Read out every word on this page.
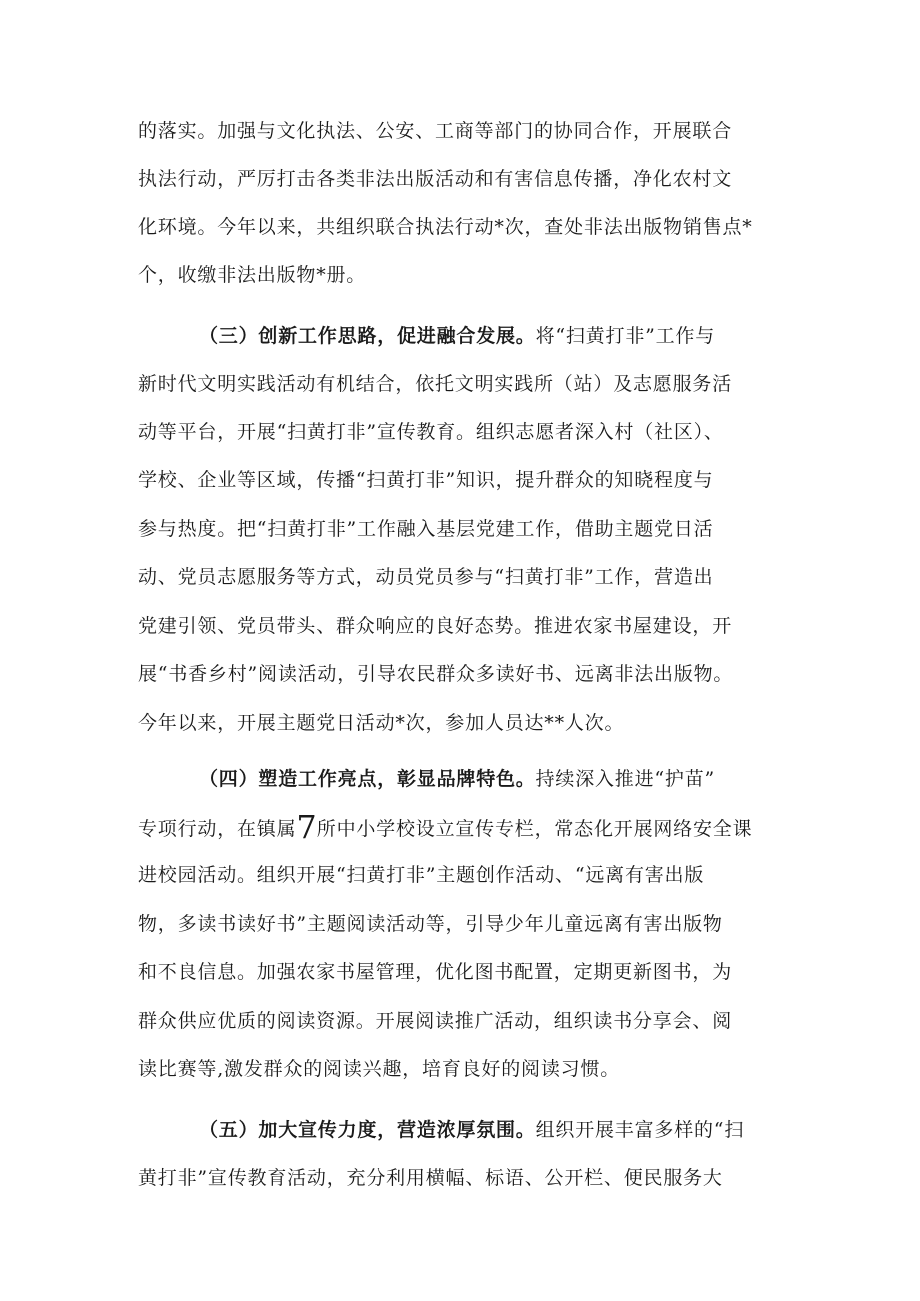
的落实。加强与文化执法、公安、工商等部门的协同合作，开展联合
执法行动，严厉打击各类非法出版活动和有害信息传播，净化农村文
化环境。今年以来，共组织联合执法行动*次，查处非法出版物销售点*
个，收缴非法出版物*册。
（三）创新工作思路，促进融合发展。将“扫黄打非”工作与
新时代文明实践活动有机结合，依托文明实践所（站）及志愿服务活
动等平台，开展“扫黄打非”宣传教育。组织志愿者深入村（社区）、
学校、企业等区域，传播“扫黄打非”知识，提升群众的知晓程度与
参与热度。把“扫黄打非”工作融入基层党建工作，借助主题党日活
动、党员志愿服务等方式，动员党员参与“扫黄打非”工作，营造出
党建引领、党员带头、群众响应的良好态势。推进农家书屋建设，开
展“书香乡村”阅读活动，引导农民群众多读好书、远离非法出版物。
今年以来，开展主题党日活动*次，参加人员达**人次。
（四）塑造工作亮点，彰显品牌特色。持续深入推进“护苗”
专项行动，在镇属7所中小学校设立宣传专栏，常态化开展网络安全课
进校园活动。组织开展“扫黄打非”主题创作活动、“远离有害出版
物，多读书读好书”主题阅读活动等，引导少年儿童远离有害出版物
和不良信息。加强农家书屋管理，优化图书配置，定期更新图书，为
群众供应优质的阅读资源。开展阅读推广活动，组织读书分享会、阅
读比赛等,激发群众的阅读兴趣，培育良好的阅读习惯。
（五）加大宣传力度，营造浓厚氛围。组织开展丰富多样的“扫
黄打非”宣传教育活动，充分利用横幅、标语、公开栏、便民服务大
